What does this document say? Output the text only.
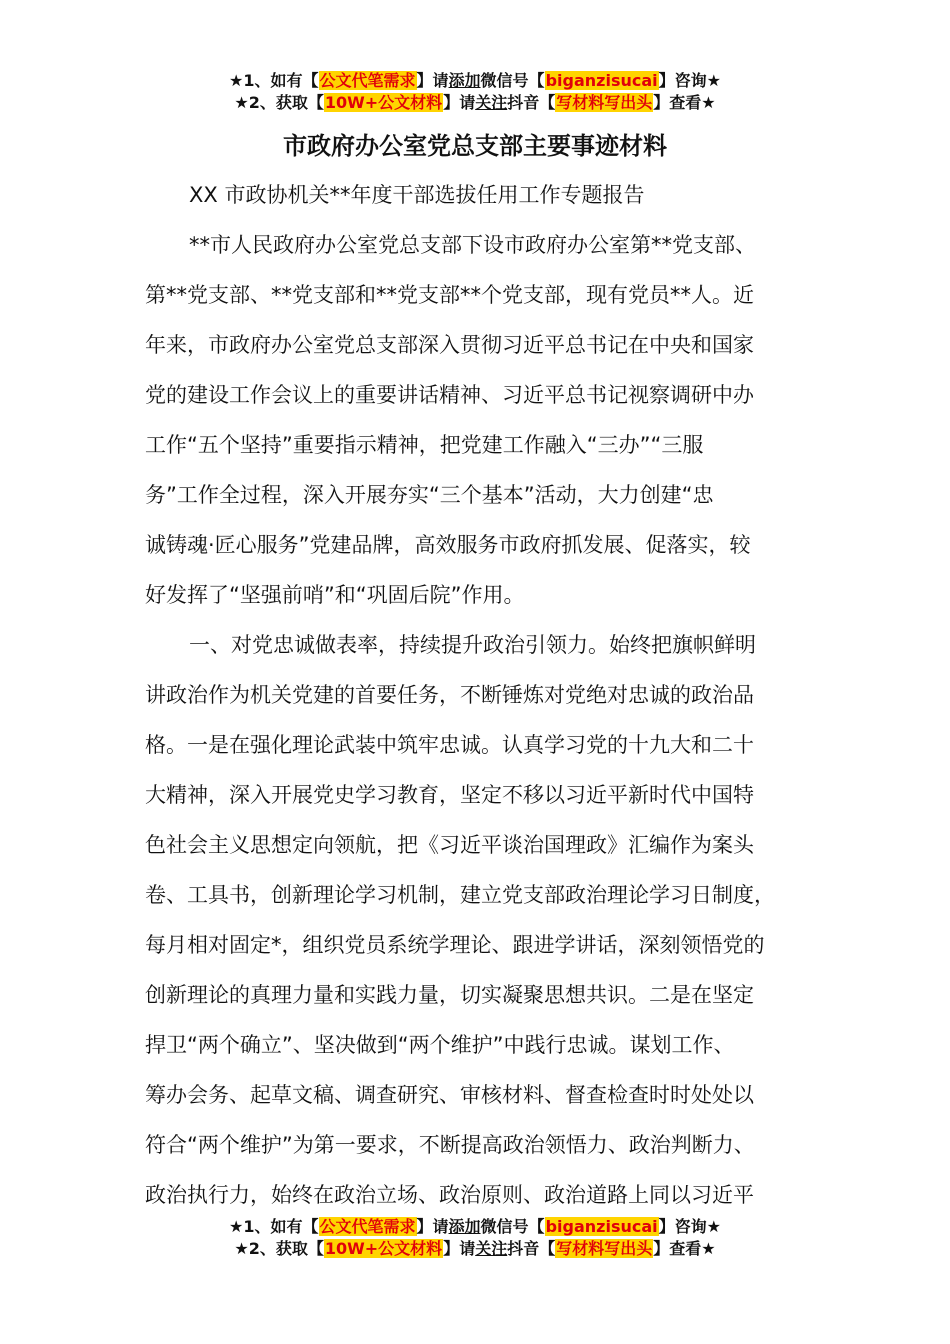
★1、如有【公文代笔需求】请添加微信号【biganzisucai】咨询★
★2、获取【10W+公文材料】请关注抖音【写材料写出头】查看★
市政府办公室党总支部主要事迹材料
XX 市政协机关**年度干部选拔任用工作专题报告
**市人民政府办公室党总支部下设市政府办公室第**党支部、
第**党支部、**党支部和**党支部**个党支部，现有党员**人。近
年来，市政府办公室党总支部深入贯彻习近平总书记在中央和国家
党的建设工作会议上的重要讲话精神、习近平总书记视察调研中办
工作“五个坚持”重要指示精神，把党建工作融入“三办”“三服
务”工作全过程，深入开展夯实“三个基本”活动，大力创建“忠
诚铸魂·匠心服务”党建品牌，高效服务市政府抓发展、促落实，较
好发挥了“坚强前哨”和“巩固后院”作用。
一、对党忠诚做表率，持续提升政治引领力。始终把旗帜鲜明
讲政治作为机关党建的首要任务，不断锤炼对党绝对忠诚的政治品
格。一是在强化理论武装中筑牢忠诚。认真学习党的十九大和二十
大精神，深入开展党史学习教育，坚定不移以习近平新时代中国特
色社会主义思想定向领航，把《习近平谈治国理政》汇编作为案头
卷、工具书，创新理论学习机制，建立党支部政治理论学习日制度，
每月相对固定*，组织党员系统学理论、跟进学讲话，深刻领悟党的
创新理论的真理力量和实践力量，切实凝聚思想共识。二是在坚定
捍卫“两个确立”、坚决做到“两个维护”中践行忠诚。谋划工作、
筹办会务、起草文稿、调查研究、审核材料、督查检查时时处处以
符合“两个维护”为第一要求，不断提高政治领悟力、政治判断力、
政治执行力，始终在政治立场、政治原则、政治道路上同以习近平
★1、如有【公文代笔需求】请添加微信号【biganzisucai】咨询★
★2、获取【10W+公文材料】请关注抖音【写材料写出头】查看★
